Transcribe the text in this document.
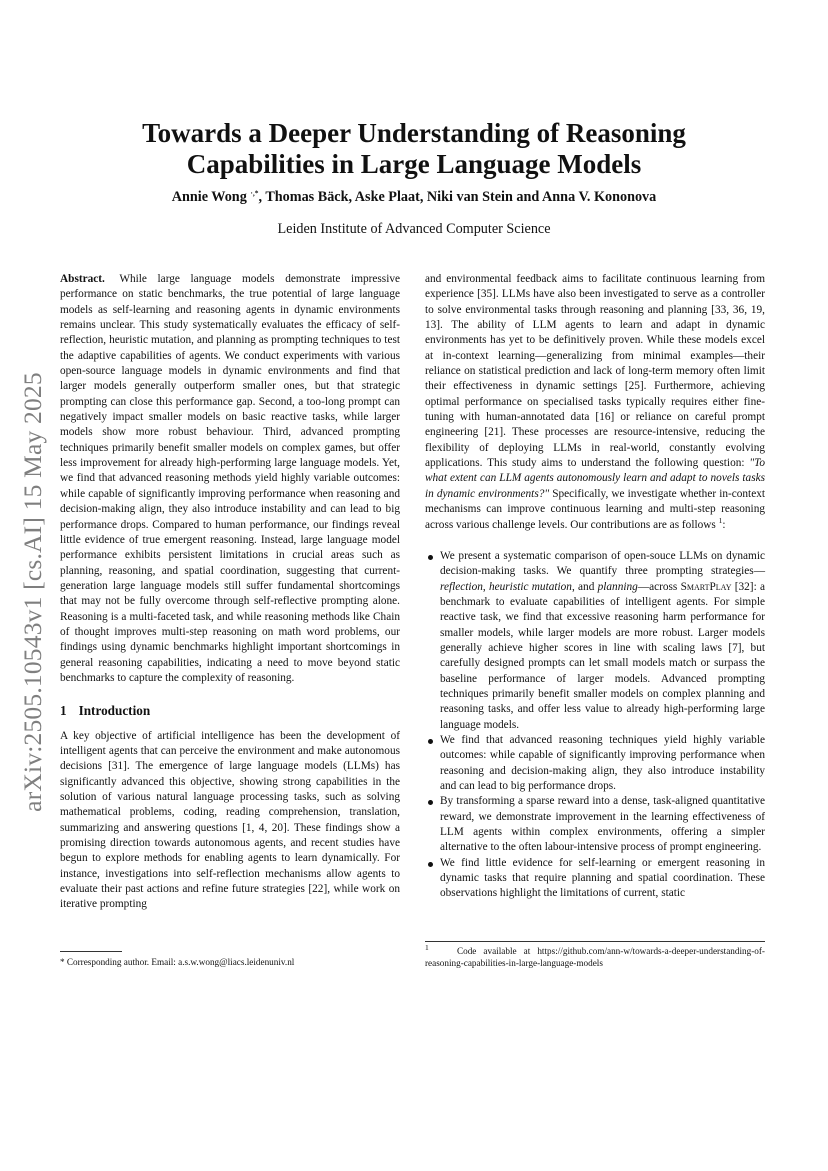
arXiv:2505.10543v1 [cs.AI] 15 May 2025
Towards a Deeper Understanding of Reasoning
Capabilities in Large Language Models
Annie Wong ·,*, Thomas Bäck, Aske Plaat, Niki van Stein and Anna V. Kononova
Leiden Institute of Advanced Computer Science

Abstract. While large language models demonstrate impressive performance on static benchmarks, the true potential of large language models as self-learning and reasoning agents in dynamic environments remains unclear. This study systematically evaluates the efficacy of self-reflection, heuristic mutation, and planning as prompting techniques to test the adaptive capabilities of agents. We conduct experiments with various open-source language models in dynamic environments and find that larger models generally outperform smaller ones, but that strategic prompting can close this performance gap. Second, a too-long prompt can negatively impact smaller models on basic reactive tasks, while larger models show more robust behaviour. Third, advanced prompting techniques primarily benefit smaller models on complex games, but offer less improvement for already high-performing large language models. Yet, we find that advanced reasoning methods yield highly variable outcomes: while capable of significantly improving performance when reasoning and decision-making align, they also introduce instability and can lead to big performance drops. Compared to human performance, our findings reveal little evidence of true emergent reasoning. Instead, large language model performance exhibits persistent limitations in crucial areas such as planning, reasoning, and spatial coordination, suggesting that current-generation large language models still suffer fundamental shortcomings that may not be fully overcome through self-reflective prompting alone. Reasoning is a multi-faceted task, and while reasoning methods like Chain of thought improves multi-step reasoning on math word problems, our findings using dynamic benchmarks highlight important shortcomings in general reasoning capabilities, indicating a need to move beyond static benchmarks to capture the complexity of reasoning.

1 Introduction

A key objective of artificial intelligence has been the development of intelligent agents that can perceive the environment and make autonomous decisions [31]. The emergence of large language models (LLMs) has significantly advanced this objective, showing strong capabilities in the solution of various natural language processing tasks, such as solving mathematical problems, coding, reading comprehension, translation, summarizing and answering questions [1, 4, 20]. These findings show a promising direction towards autonomous agents, and recent studies have begun to explore methods for enabling agents to learn dynamically. For instance, investigations into self-reflection mechanisms allow agents to evaluate their past actions and refine future strategies [22], while work on iterative prompting

and environmental feedback aims to facilitate continuous learning from experience [35]. LLMs have also been investigated to serve as a controller to solve environmental tasks through reasoning and planning [33, 36, 19, 13]. The ability of LLM agents to learn and adapt in dynamic environments has yet to be definitively proven. While these models excel at in-context learning—generalizing from minimal examples—their reliance on statistical prediction and lack of long-term memory often limit their effectiveness in dynamic settings [25]. Furthermore, achieving optimal performance on specialised tasks typically requires either fine-tuning with human-annotated data [16] or reliance on careful prompt engineering [21]. These processes are resource-intensive, reducing the flexibility of deploying LLMs in real-world, constantly evolving applications. This study aims to understand the following question: "To what extent can LLM agents autonomously learn and adapt to novels tasks in dynamic environments?" Specifically, we investigate whether in-context mechanisms can improve continuous learning and multi-step reasoning across various challenge levels. Our contributions are as follows $^1$:

We present a systematic comparison of open-souce LLMs on dynamic decision-making tasks. We quantify three prompting strategies—reflection, heuristic mutation, and planning—across SmartPlay [32]: a benchmark to evaluate capabilities of intelligent agents. For simple reactive task, we find that excessive reasoning harm performance for smaller models, while larger models are more robust. Larger models generally achieve higher scores in line with scaling laws [7], but carefully designed prompts can let small models match or surpass the baseline performance of larger models. Advanced prompting techniques primarily benefit smaller models on complex planning and reasoning tasks, and offer less value to already high-performing large language models.
We find that advanced reasoning techniques yield highly variable outcomes: while capable of significantly improving performance when reasoning and decision-making align, they also introduce instability and can lead to big performance drops.
By transforming a sparse reward into a dense, task-aligned quantitative reward, we demonstrate improvement in the learning effectiveness of LLM agents within complex environments, offering a simpler alternative to the often labour-intensive process of prompt engineering.
We find little evidence for self-learning or emergent reasoning in dynamic tasks that require planning and spatial coordination. These observations highlight the limitations of current, static
* Corresponding author. Email: a.s.w.wong@liacs.leidenuniv.nl
$^1$	Code available at https://github.com/ann-w/towards-a-deeper-understanding-of-reasoning-capabilities-in-large-language-models
